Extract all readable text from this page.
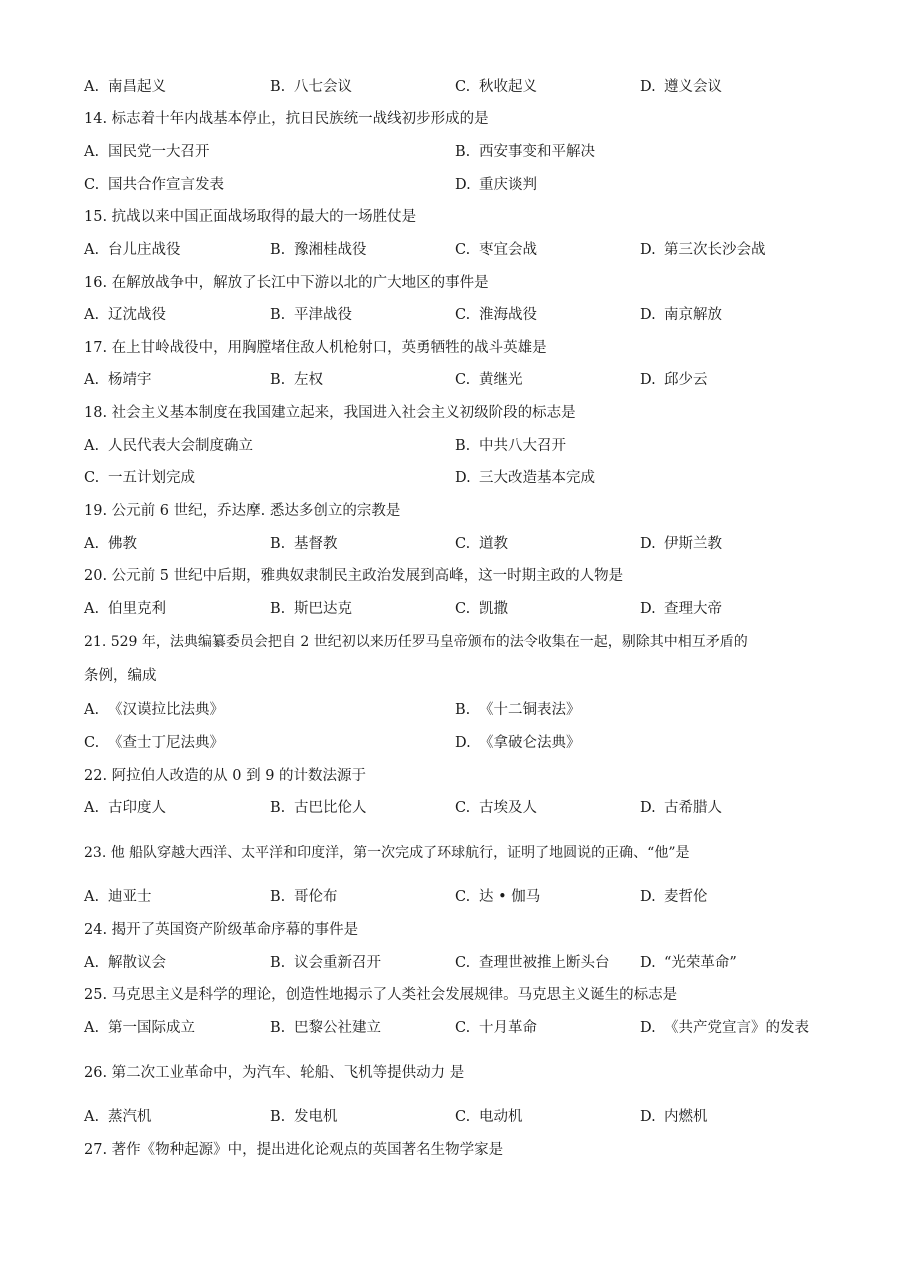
A. 南昌起义	B. 八七会议	C. 秋收起义	D. 遵义会议
14. 标志着十年内战基本停止，抗日民族统一战线初步形成的是
A. 国民党一大召开	B. 西安事变和平解决
C. 国共合作宣言发表	D. 重庆谈判
15. 抗战以来中国正面战场取得的最大的一场胜仗是
A. 台儿庄战役	B. 豫湘桂战役	C. 枣宜会战	D. 第三次长沙会战
16. 在解放战争中，解放了长江中下游以北的广大地区的事件是
A. 辽沈战役	B. 平津战役	C. 淮海战役	D. 南京解放
17. 在上甘岭战役中，用胸膛堵住敌人机枪射口，英勇牺牲的战斗英雄是
A. 杨靖宇	B. 左权	C. 黄继光	D. 邱少云
18. 社会主义基本制度在我国建立起来，我国进入社会主义初级阶段的标志是
A. 人民代表大会制度确立	B. 中共八大召开
C. 一五计划完成	D. 三大改造基本完成
19. 公元前 6 世纪，乔达摩. 悉达多创立的宗教是
A. 佛教	B. 基督教	C. 道教	D. 伊斯兰教
20. 公元前 5 世纪中后期，雅典奴隶制民主政治发展到高峰，这一时期主政的人物是
A. 伯里克利	B. 斯巴达克	C. 凯撒	D. 查理大帝
21. 529 年，法典编纂委员会把自 2 世纪初以来历任罗马皇帝颁布的法令收集在一起，剔除其中相互矛盾的
条例，编成
A. 《汉谟拉比法典》	B. 《十二铜表法》
C. 《查士丁尼法典》	D. 《拿破仑法典》
22. 阿拉伯人改造的从 0 到 9 的计数法源于
A. 古印度人	B. 古巴比伦人	C. 古埃及人	D. 古希腊人
23. 他 船队穿越大西洋、太平洋和印度洋，第一次完成了环球航行，证明了地圆说的正确、“他”是
A. 迪亚士	B. 哥伦布	C. 达 • 伽马	D. 麦哲伦
24. 揭开了英国资产阶级革命序幕的事件是
A. 解散议会	B. 议会重新召开	C. 查理世被推上断头台 D. “光荣革命”
25. 马克思主义是科学的理论，创造性地揭示了人类社会发展规律。马克思主义诞生的标志是
A. 第一国际成立	B. 巴黎公社建立	C. 十月革命	D. 《共产党宣言》的发表
26. 第二次工业革命中，为汽车、轮船、飞机等提供动力 是
A. 蒸汽机	B. 发电机	C. 电动机	D. 内燃机
27. 著作《物种起源》中，提出进化论观点的英国著名生物学家是
